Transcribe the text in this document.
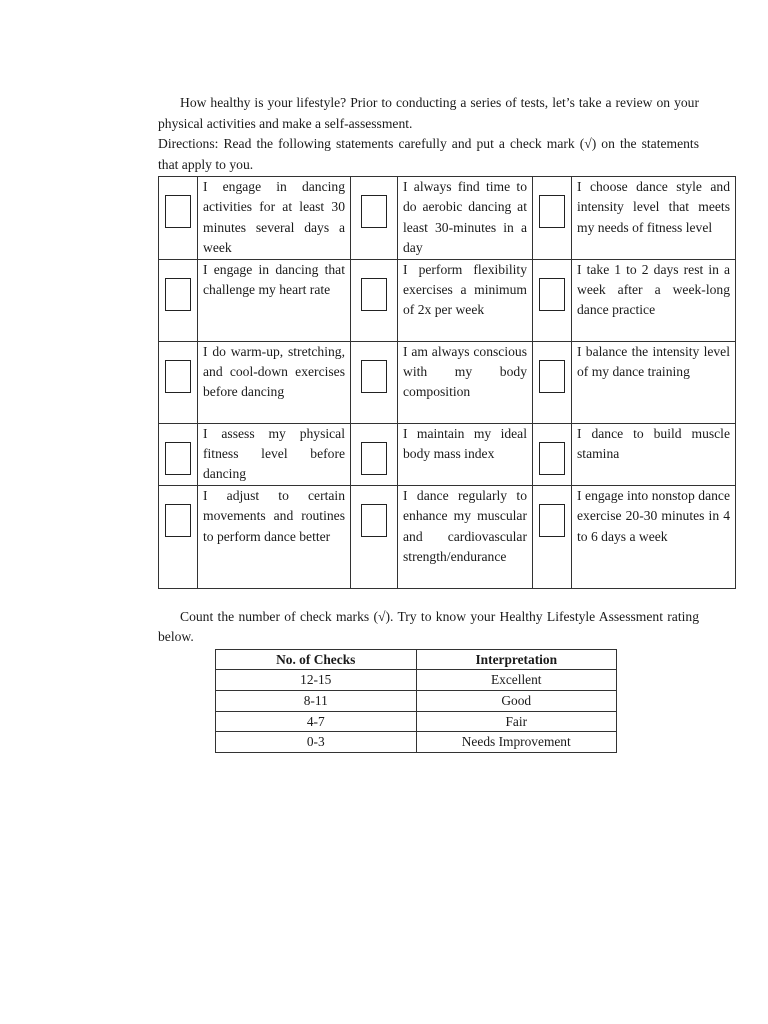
How healthy is your lifestyle? Prior to conducting a series of tests, let’s take a review on your physical activities and make a self-assessment.

Directions: Read the following statements carefully and put a check mark (√) on the statements that apply to you.

	I engage in dancing activities for at least 30 minutes several days a week		I always find time to do aerobic dancing at least 30-minutes in a day		I choose dance style and intensity level that meets my needs of fitness level

	I engage in dancing that challenge my heart rate		I perform flexibility exercises a minimum of 2x per week		I take 1 to 2 days rest in a week after a week-long dance practice

	I do warm-up, stretching, and cool-down exercises before dancing		I am always conscious with my body composition		I balance the intensity level of my dance training

	I assess my physical fitness level before dancing		I maintain my ideal body mass index		I dance to build muscle stamina

	I adjust to certain movements and routines to perform dance better		I dance regularly to enhance my muscular and cardiovascular strength/endurance		I engage into nonstop dance exercise 20-30 minutes in 4 to 6 days a week

Count the number of check marks (√). Try to know your Healthy Lifestyle Assessment rating below.

No. of Checks	Interpretation
12-15	Excellent
8-11	Good
4-7	Fair
0-3	Needs Improvement
